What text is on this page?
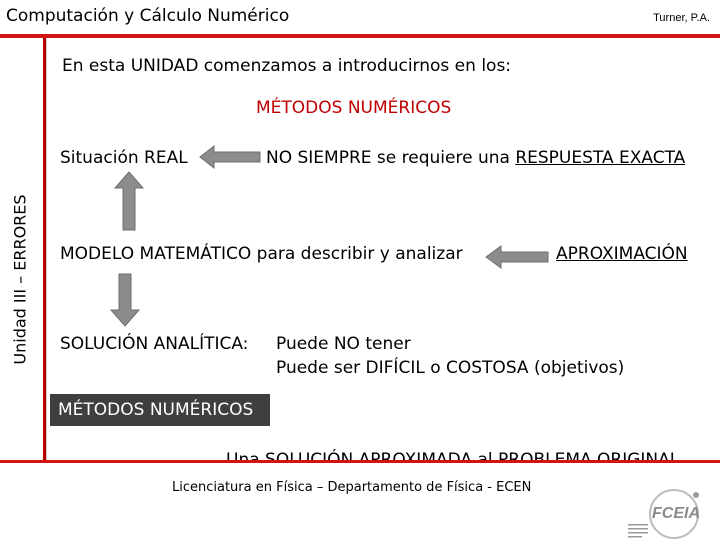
Computación y Cálculo Numérico	Turner, P.A.
Unidad III – ERRORES
En esta UNIDAD comenzamos a introducirnos en los:
MÉTODOS NUMÉRICOS
Situación REAL	NO SIEMPRE se requiere una RESPUESTA EXACTA
MODELO MATEMÁTICO para describir y analizar	APROXIMACIÓN
SOLUCIÓN ANALÍTICA: Puede NO tener
Puede ser DIFÍCIL o COSTOSA (objetivos)
MÉTODOS NUMÉRICOS
Licenciatura en Física – Departamento de Física - ECEN
FCEIA
